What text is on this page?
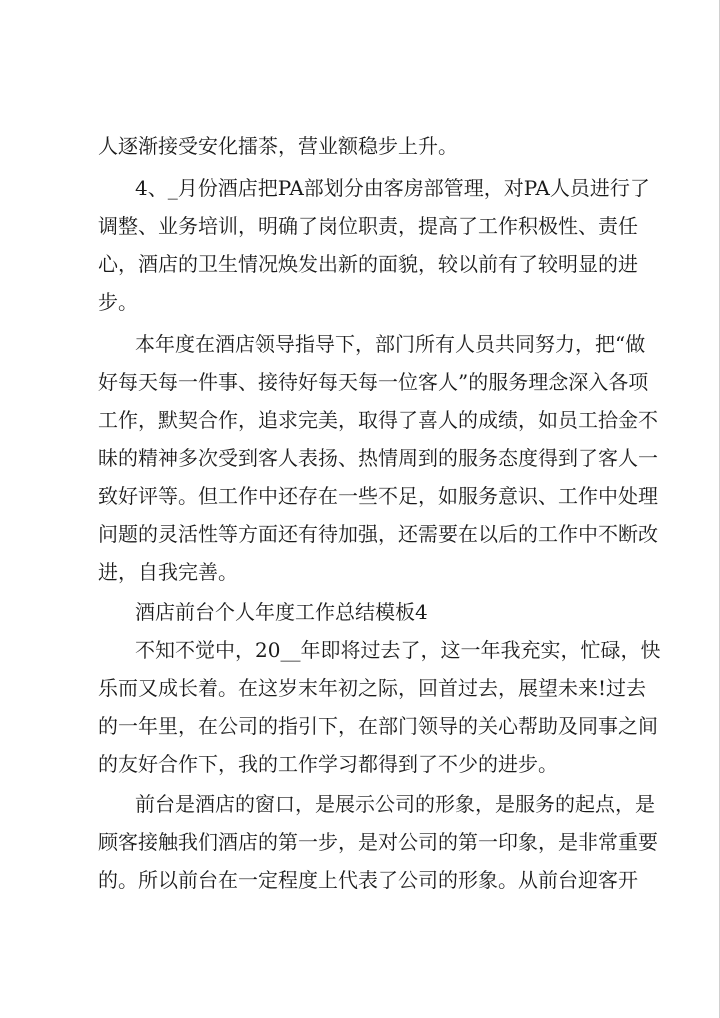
人逐渐接受安化擂茶，营业额稳步上升。
4、_月份酒店把PA部划分由客房部管理，对PA人员进行了
调整、业务培训，明确了岗位职责，提高了工作积极性、责任
心，酒店的卫生情况焕发出新的面貌，较以前有了较明显的进
步。
本年度在酒店领导指导下，部门所有人员共同努力，把“做
好每天每一件事、接待好每天每一位客人”的服务理念深入各项
工作，默契合作，追求完美，取得了喜人的成绩，如员工拾金不
昧的精神多次受到客人表扬、热情周到的服务态度得到了客人一
致好评等。但工作中还存在一些不足，如服务意识、工作中处理
问题的灵活性等方面还有待加强，还需要在以后的工作中不断改
进，自我完善。
酒店前台个人年度工作总结模板4
不知不觉中，20__年即将过去了，这一年我充实，忙碌，快
乐而又成长着。在这岁末年初之际，回首过去，展望未来!过去
的一年里，在公司的指引下，在部门领导的关心帮助及同事之间
的友好合作下，我的工作学习都得到了不少的进步。
前台是酒店的窗口，是展示公司的形象，是服务的起点，是
顾客接触我们酒店的第一步，是对公司的第一印象，是非常重要
的。所以前台在一定程度上代表了公司的形象。从前台迎客开
